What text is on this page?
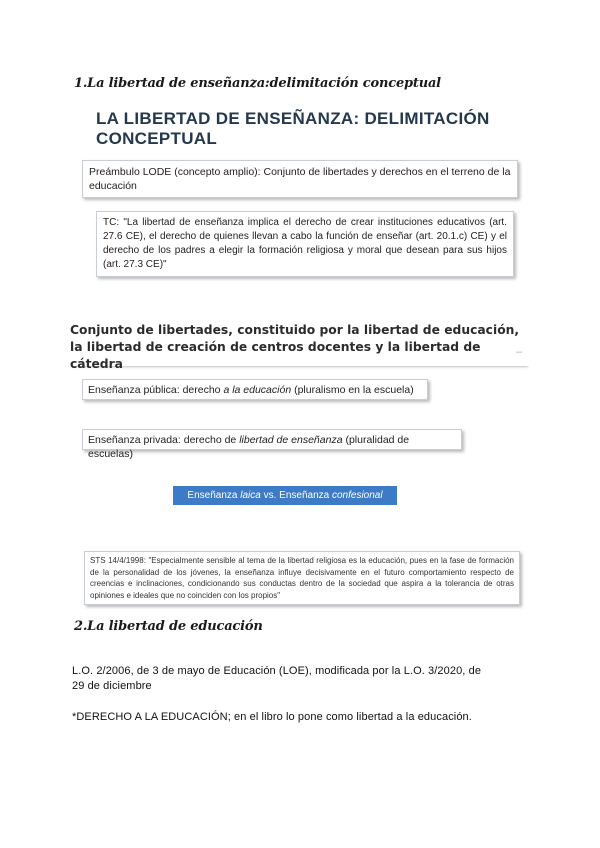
1.La libertad de enseñanza:delimitación conceptual
LA LIBERTAD DE ENSEÑANZA: DELIMITACIÓN CONCEPTUAL
Preámbulo LODE (concepto amplio): Conjunto de libertades y derechos en el terreno de la educación
TC: "La libertad de enseñanza implica el derecho de crear instituciones educativos (art. 27.6 CE), el derecho de quienes llevan a cabo la función de enseñar (art. 20.1.c) CE) y el derecho de los padres a elegir la formación religiosa y moral que desean para sus hijos (art. 27.3 CE)"
Conjunto de libertades, constituido por la libertad de educación, la libertad de creación de centros docentes y la libertad de cátedra
▪▪▪
Enseñanza pública: derecho a la educación (pluralismo en la escuela)
Enseñanza privada: derecho de libertad de enseñanza (pluralidad de escuelas)
Enseñanza laica vs. Enseñanza confesional
STS 14/4/1998: "Especialmente sensible al tema de la libertad religiosa es la educación, pues en la fase de formación de la personalidad de los jóvenes, la enseñanza influye decisivamente en el futuro comportamiento respecto de creencias e inclinaciones, condicionando sus conductas dentro de la sociedad que aspira a la tolerancia de otras opiniones e ideales que no coinciden con los propios"
2.La libertad de educación
L.O. 2/2006, de 3 de mayo de Educación (LOE), modificada por la L.O. 3/2020, de
29 de diciembre
*DERECHO A LA EDUCACIÓN; en el libro lo pone como libertad a la educación.
